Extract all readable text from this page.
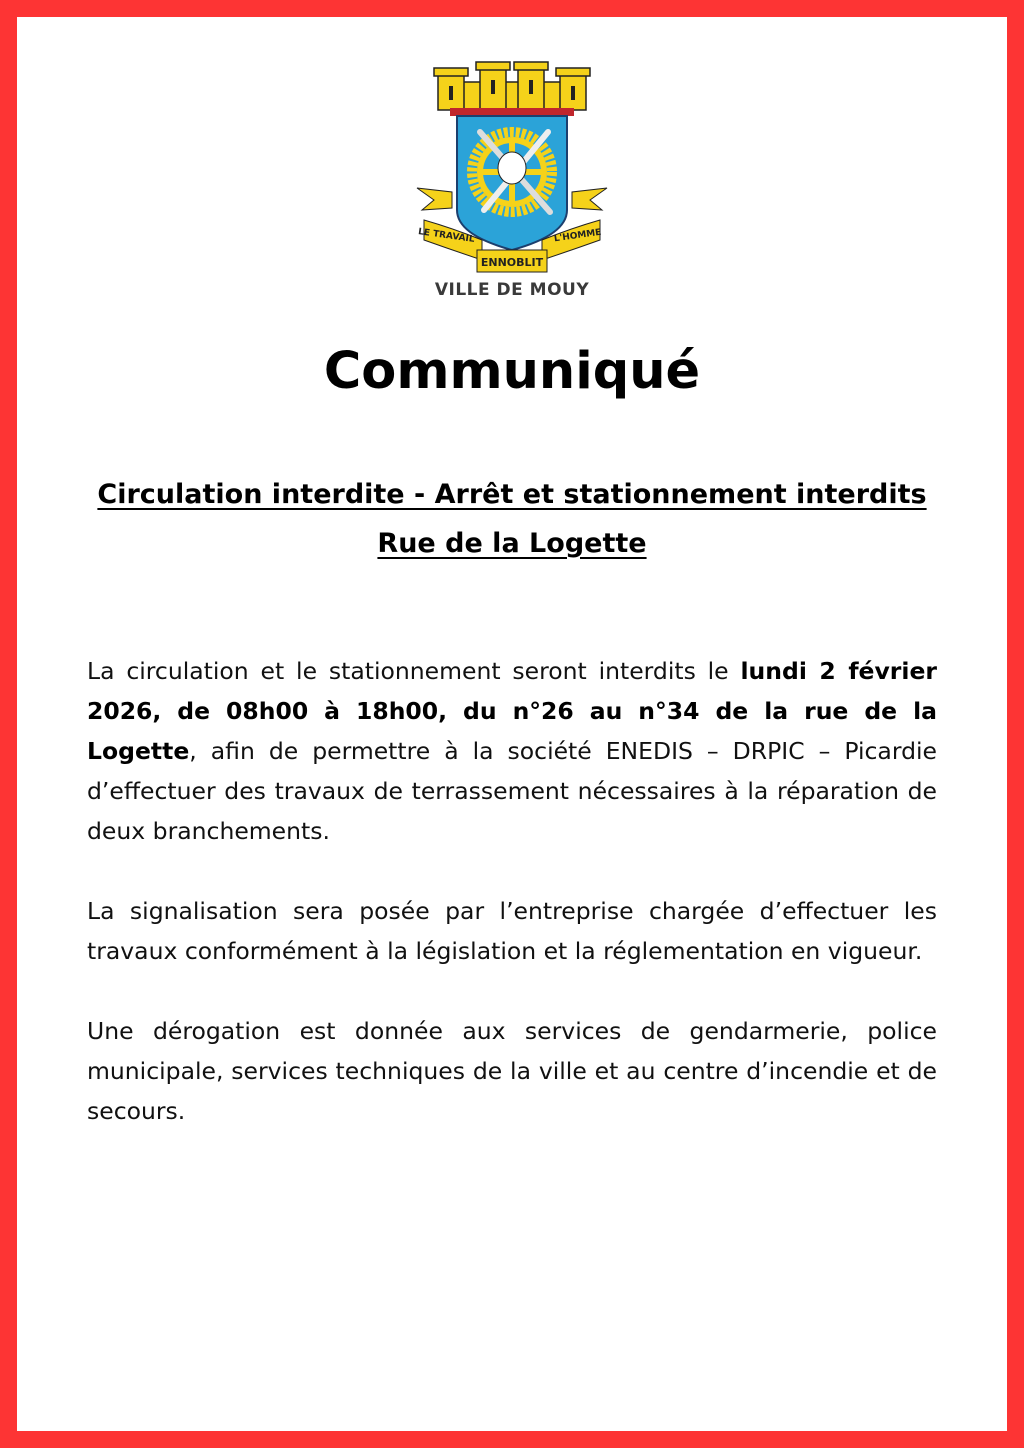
LE TRAVAIL	L'HOMME
ENNOBLIT
VILLE DE MOUY
Communiqué
Circulation interdite - Arrêt et stationnement interdits Rue de la Logette

La circulation et le stationnement seront interdits le lundi 2 février 2026, de 08h00 à 18h00, du n°26 au n°34 de la rue de la Logette, afin de permettre à la société ENEDIS – DRPIC – Picardie d’effectuer des travaux de terrassement nécessaires à la réparation de deux branchements.

La signalisation sera posée par l’entreprise chargée d’effectuer les travaux conformément à la législation et la réglementation en vigueur.

Une dérogation est donnée aux services de gendarmerie, police municipale, services techniques de la ville et au centre d’incendie et de secours.
